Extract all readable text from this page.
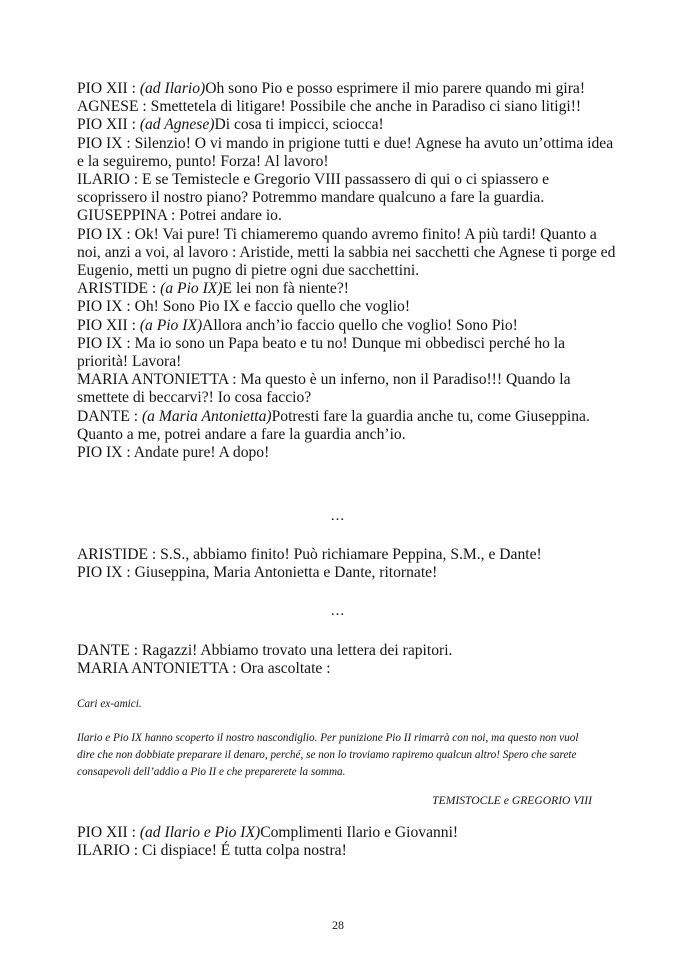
PIO XII : (ad Ilario)Oh sono Pio e posso esprimere il mio parere quando mi gira!

AGNESE : Smettetela di litigare! Possibile che anche in Paradiso ci siano litigi!!

PIO XII : (ad Agnese)Di cosa ti impicci, sciocca!

PIO IX : Silenzio! O vi mando in prigione tutti e due! Agnese ha avuto un’ottima idea e la seguiremo, punto! Forza! Al lavoro!

ILARIO : E se Temistecle e Gregorio VIII passassero di qui o ci spiassero e scoprissero il nostro piano? Potremmo mandare qualcuno a fare la guardia.

GIUSEPPINA : Potrei andare io.

PIO IX : Ok! Vai pure! Ti chiameremo quando avremo finito! A più tardi! Quanto a noi, anzi a voi, al lavoro : Aristide, metti la sabbia nei sacchetti che Agnese ti porge ed Eugenio, metti un pugno di pietre ogni due sacchettini.

ARISTIDE : (a Pio IX)E lei non fà niente?!

PIO IX : Oh! Sono Pio IX e faccio quello che voglio!

PIO XII : (a Pio IX)Allora anch’io faccio quello che voglio! Sono Pio!

PIO IX : Ma io sono un Papa beato e tu no! Dunque mi obbedisci perché ho la priorità! Lavora!

MARIA ANTONIETTA : Ma questo è un inferno, non il Paradiso!!! Quando la smettete di beccarvi?! Io cosa faccio?

DANTE : (a Maria Antonietta)Potresti fare la guardia anche tu, come Giuseppina. Quanto a me, potrei andare a fare la guardia anch’io.

PIO IX : Andate pure! A dopo!

...

ARISTIDE : S.S., abbiamo finito! Può richiamare Peppina, S.M., e Dante!

PIO IX : Giuseppina, Maria Antonietta e Dante, ritornate!

...

DANTE : Ragazzi! Abbiamo trovato una lettera dei rapitori.

MARIA ANTONIETTA : Ora ascoltate :

Cari ex-amici.
Ilario e Pio IX hanno scoperto il nostro nascondiglio. Per punizione Pio II rimarrà con noi, ma questo non vuol dire che non dobbiate preparare il denaro, perché, se non lo troviamo rapiremo qualcun altro! Spero che sarete consapevoli dell’addio a Pio II e che preparerete la somma.
TEMISTOCLE e GREGORIO VIII

PIO XII : (ad Ilario e Pio IX)Complimenti Ilario e Giovanni!

ILARIO : Ci dispiace! É tutta colpa nostra!

28
